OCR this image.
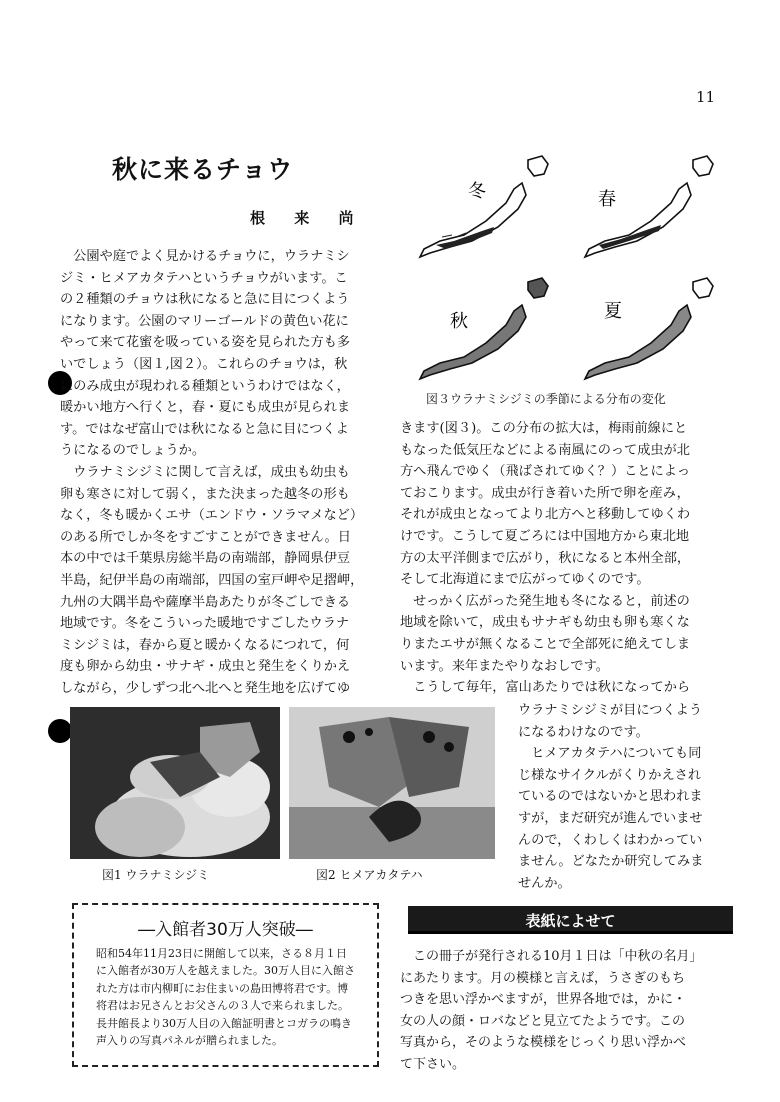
11
秋に来るチョウ
根 来 尚

　公園や庭でよく見かけるチョウに，ウラナミシ

ジミ・ヒメアカタテハというチョウがいます。こ

の２種類のチョウは秋になると急に目につくよう

になります。公園のマリーゴールドの黄色い花に

やって来て花蜜を吸っている姿を見られた方も多

いでしょう（図１,図２）。これらのチョウは，秋

にのみ成虫が現われる種類というわけではなく，

暖かい地方へ行くと，春・夏にも成虫が見られま

す。ではなぜ富山では秋になると急に目につくよ

うになるのでしょうか。

　ウラナミシジミに関して言えば，成虫も幼虫も

卵も寒さに対して弱く，また決まった越冬の形も

なく，冬も暖かくエサ（エンドウ・ソラマメなど）

のある所でしか冬をすごすことができません。日

本の中では千葉県房総半島の南端部，静岡県伊豆

半島，紀伊半島の南端部，四国の室戸岬や足摺岬，

九州の大隅半島や薩摩半島あたりが冬ごしできる

地域です。冬をこういった暖地ですごしたウラナ

ミシジミは，春から夏と暖かくなるにつれて，何

度も卵から幼虫・サナギ・成虫と発生をくりかえ

しながら，少しずつ北へ北へと発生地を広げてゆ

冬	春
秋	夏
図３ウラナミシジミの季節による分布の変化

きます(図３)。この分布の拡大は，梅雨前線にと

もなった低気圧などによる南風にのって成虫が北

方へ飛んでゆく（飛ばされてゆく？）ことによっ

ておこります。成虫が行き着いた所で卵を産み，

それが成虫となってより北方へと移動してゆくわ

けです。こうして夏ごろには中国地方から東北地

方の太平洋側まで広がり，秋になると本州全部，

そして北海道にまで広がってゆくのです。

　せっかく広がった発生地も冬になると，前述の

地域を除いて，成虫もサナギも幼虫も卵も寒くな

りまたエサが無くなることで全部死に絶えてしま

います。来年またやりなおしです。

　こうして毎年，富山あたりでは秋になってから

ウラナミシジミが目につくよう

になるわけなのです。

　ヒメアカタテハについても同

じ様なサイクルがくりかえされ

ているのではないかと思われま

すが，まだ研究が進んでいませ

んので，くわしくはわかってい

ません。どなたか研究してみま

せんか。

図1 ウラナミシジミ	図2 ヒメアカタテハ
―入館者30万人突破―

昭和54年11月23日に開館して以来，さる８月１日

に入館者が30万人を越えました。30万人目に入館さ

れた方は市内柳町にお住まいの島田博将君です。博

将君はお兄さんとお父さんの３人で来られました。

長井館長より30万人目の入館証明書とコガラの鳴き

声入りの写真パネルが贈られました。

表紙によせて

　この冊子が発行される10月１日は「中秋の名月」

にあたります。月の模様と言えば，うさぎのもち

つきを思い浮かべますが，世界各地では，かに・

女の人の顔・ロバなどと見立てたようです。この

写真から，そのような模様をじっくり思い浮かべ

て下さい。
